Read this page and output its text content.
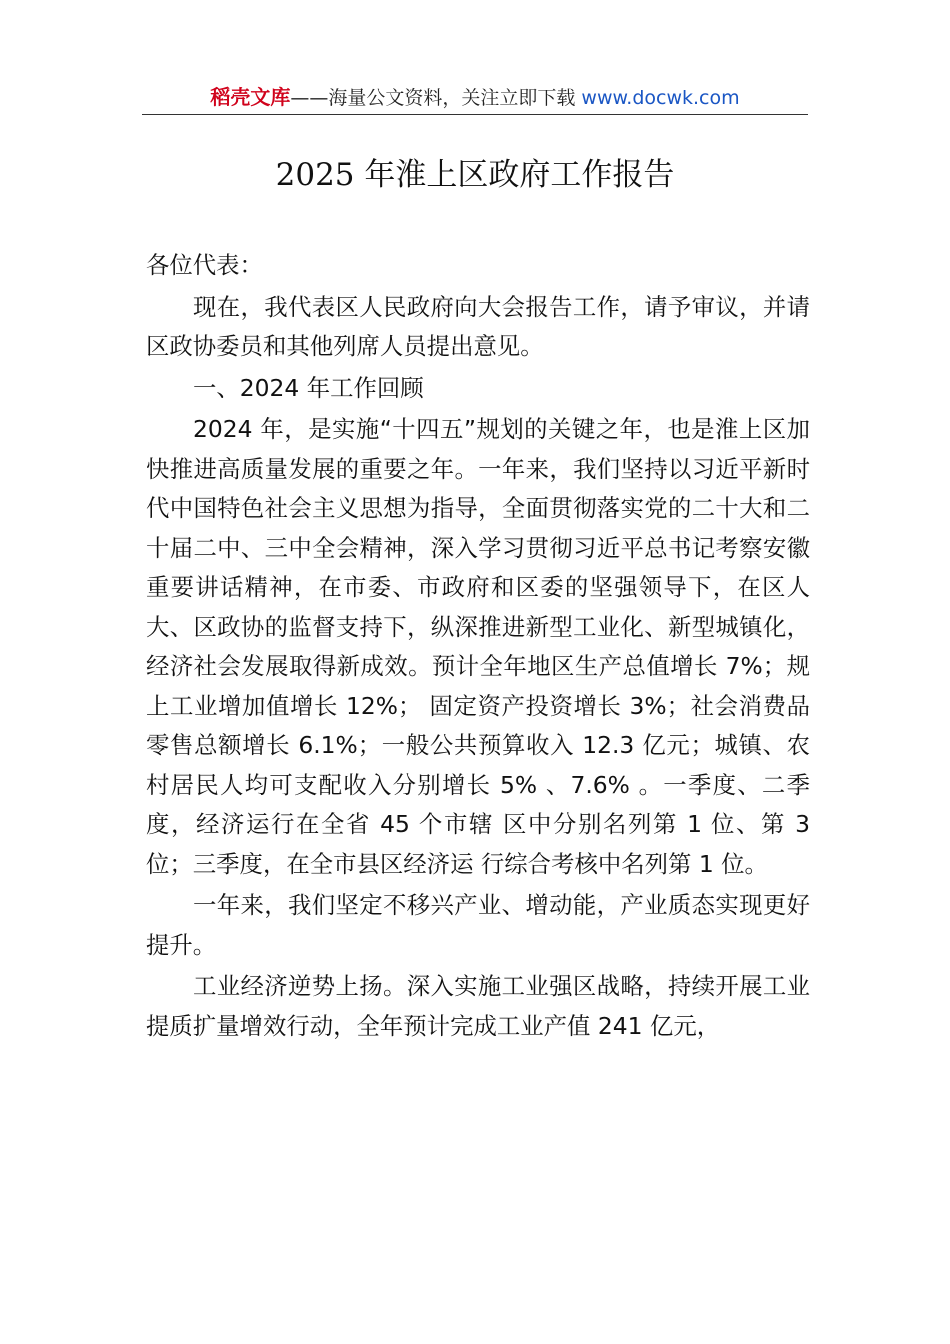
稻壳文库——海量公文资料，关注立即下载 www.docwk.com
2025 年淮上区政府工作报告

各位代表：

现在，我代表区人民政府向大会报告工作，请予审议，并请区政协委员和其他列席人员提出意见。

一、2024 年工作回顾

2024 年，是实施“十四五”规划的关键之年，也是淮上区加快推进高质量发展的重要之年。一年来，我们坚持以习近平新时代中国特色社会主义思想为指导，全面贯彻落实党的二十大和二十届二中、三中全会精神，深入学习贯彻习近平总书记考察安徽重要讲话精神，在市委、市政府和区委的坚强领导下，在区人大、区政协的监督支持下，纵深推进新型工业化、新型城镇化，经济社会发展取得新成效。预计全年地区生产总值增长 7%；规上工业增加值增长 12%； 固定资产投资增长 3%；社会消费品零售总额增长 6.1%；一般公共预算收入 12.3 亿元；城镇、农村居民人均可支配收入分别增长 5% 、7.6% 。一季度、二季度，经济运行在全省 45 个市辖 区中分别名列第 1 位、第 3 位；三季度，在全市县区经济运 行综合考核中名列第 1 位。

一年来，我们坚定不移兴产业、增动能，产业质态实现更好提升。

工业经济逆势上扬。深入实施工业强区战略，持续开展工业提质扩量增效行动，全年预计完成工业产值 241 亿元，
